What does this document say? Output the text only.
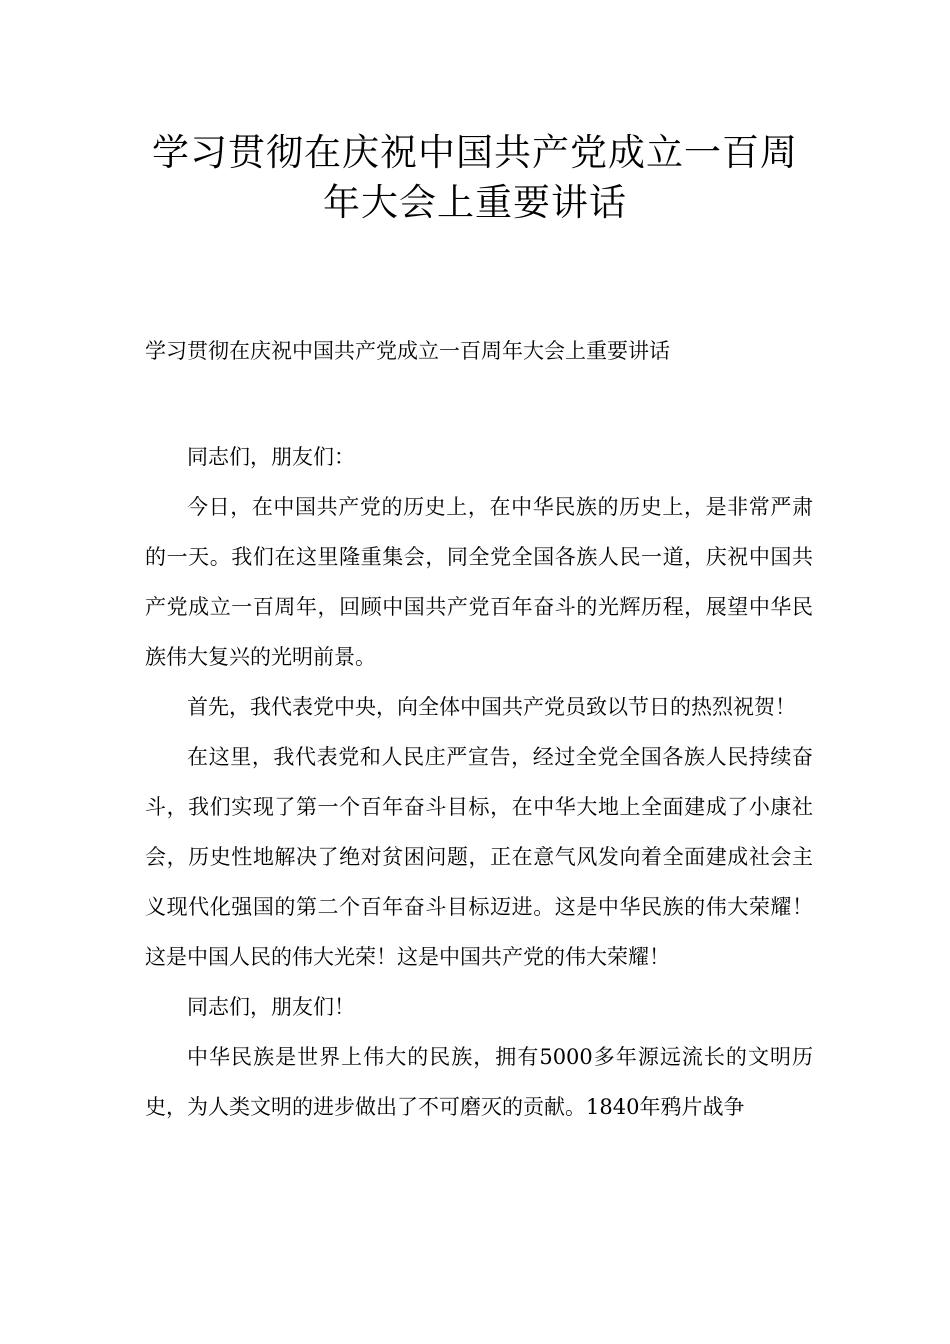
学习贯彻在庆祝中国共产党成立一百周年大会上重要讲话
学习贯彻在庆祝中国共产党成立一百周年大会上重要讲话

同志们，朋友们：

今日，在中国共产党的历史上，在中华民族的历史上，是非常严肃的一天。我们在这里隆重集会，同全党全国各族人民一道，庆祝中国共产党成立一百周年，回顾中国共产党百年奋斗的光辉历程，展望中华民族伟大复兴的光明前景。

首先，我代表党中央，向全体中国共产党员致以节日的热烈祝贺！

在这里，我代表党和人民庄严宣告，经过全党全国各族人民持续奋斗，我们实现了第一个百年奋斗目标，在中华大地上全面建成了小康社会，历史性地解决了绝对贫困问题，正在意气风发向着全面建成社会主义现代化强国的第二个百年奋斗目标迈进。这是中华民族的伟大荣耀！这是中国人民的伟大光荣！这是中国共产党的伟大荣耀！

同志们，朋友们！

中华民族是世界上伟大的民族，拥有5000多年源远流长的文明历史，为人类文明的进步做出了不可磨灭的贡献。1840年鸦片战争
